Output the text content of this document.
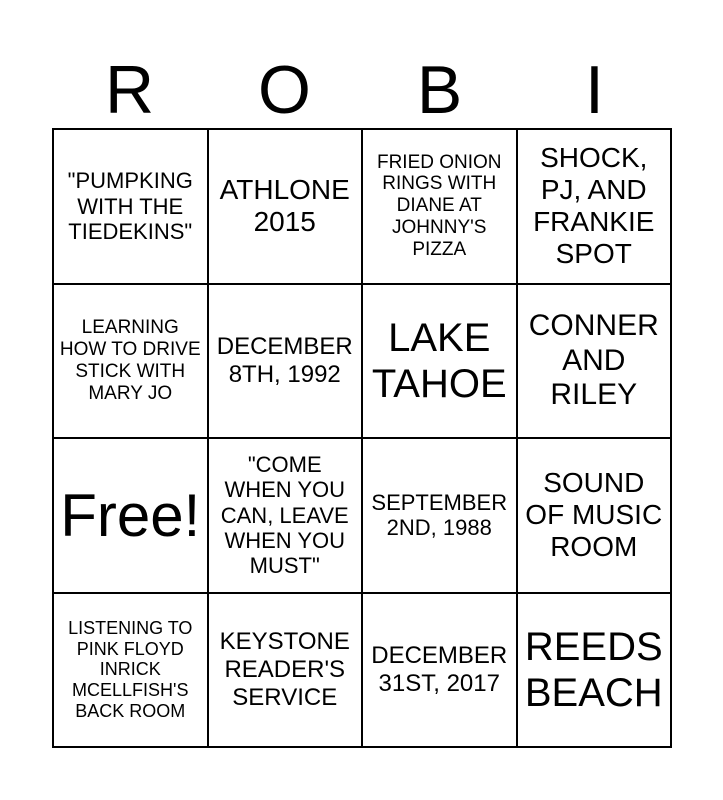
R	O	B	I
"PUMPKING WITH THE TIEDEKINS"
ATHLONE 2015
FRIED ONION RINGS WITH DIANE AT JOHNNY'S PIZZA
SHOCK, PJ, AND FRANKIE SPOT
LEARNING HOW TO DRIVE STICK WITH MARY JO
DECEMBER 8TH, 1992
LAKE TAHOE
CONNER AND RILEY
Free!
"COME WHEN YOU CAN, LEAVE WHEN YOU MUST"
SEPTEMBER 2ND, 1988
SOUND OF MUSIC ROOM
LISTENING TO PINK FLOYD INRICK MCELLFISH'S BACK ROOM
KEYSTONE READER'S SERVICE
DECEMBER 31ST, 2017
REEDS BEACH
